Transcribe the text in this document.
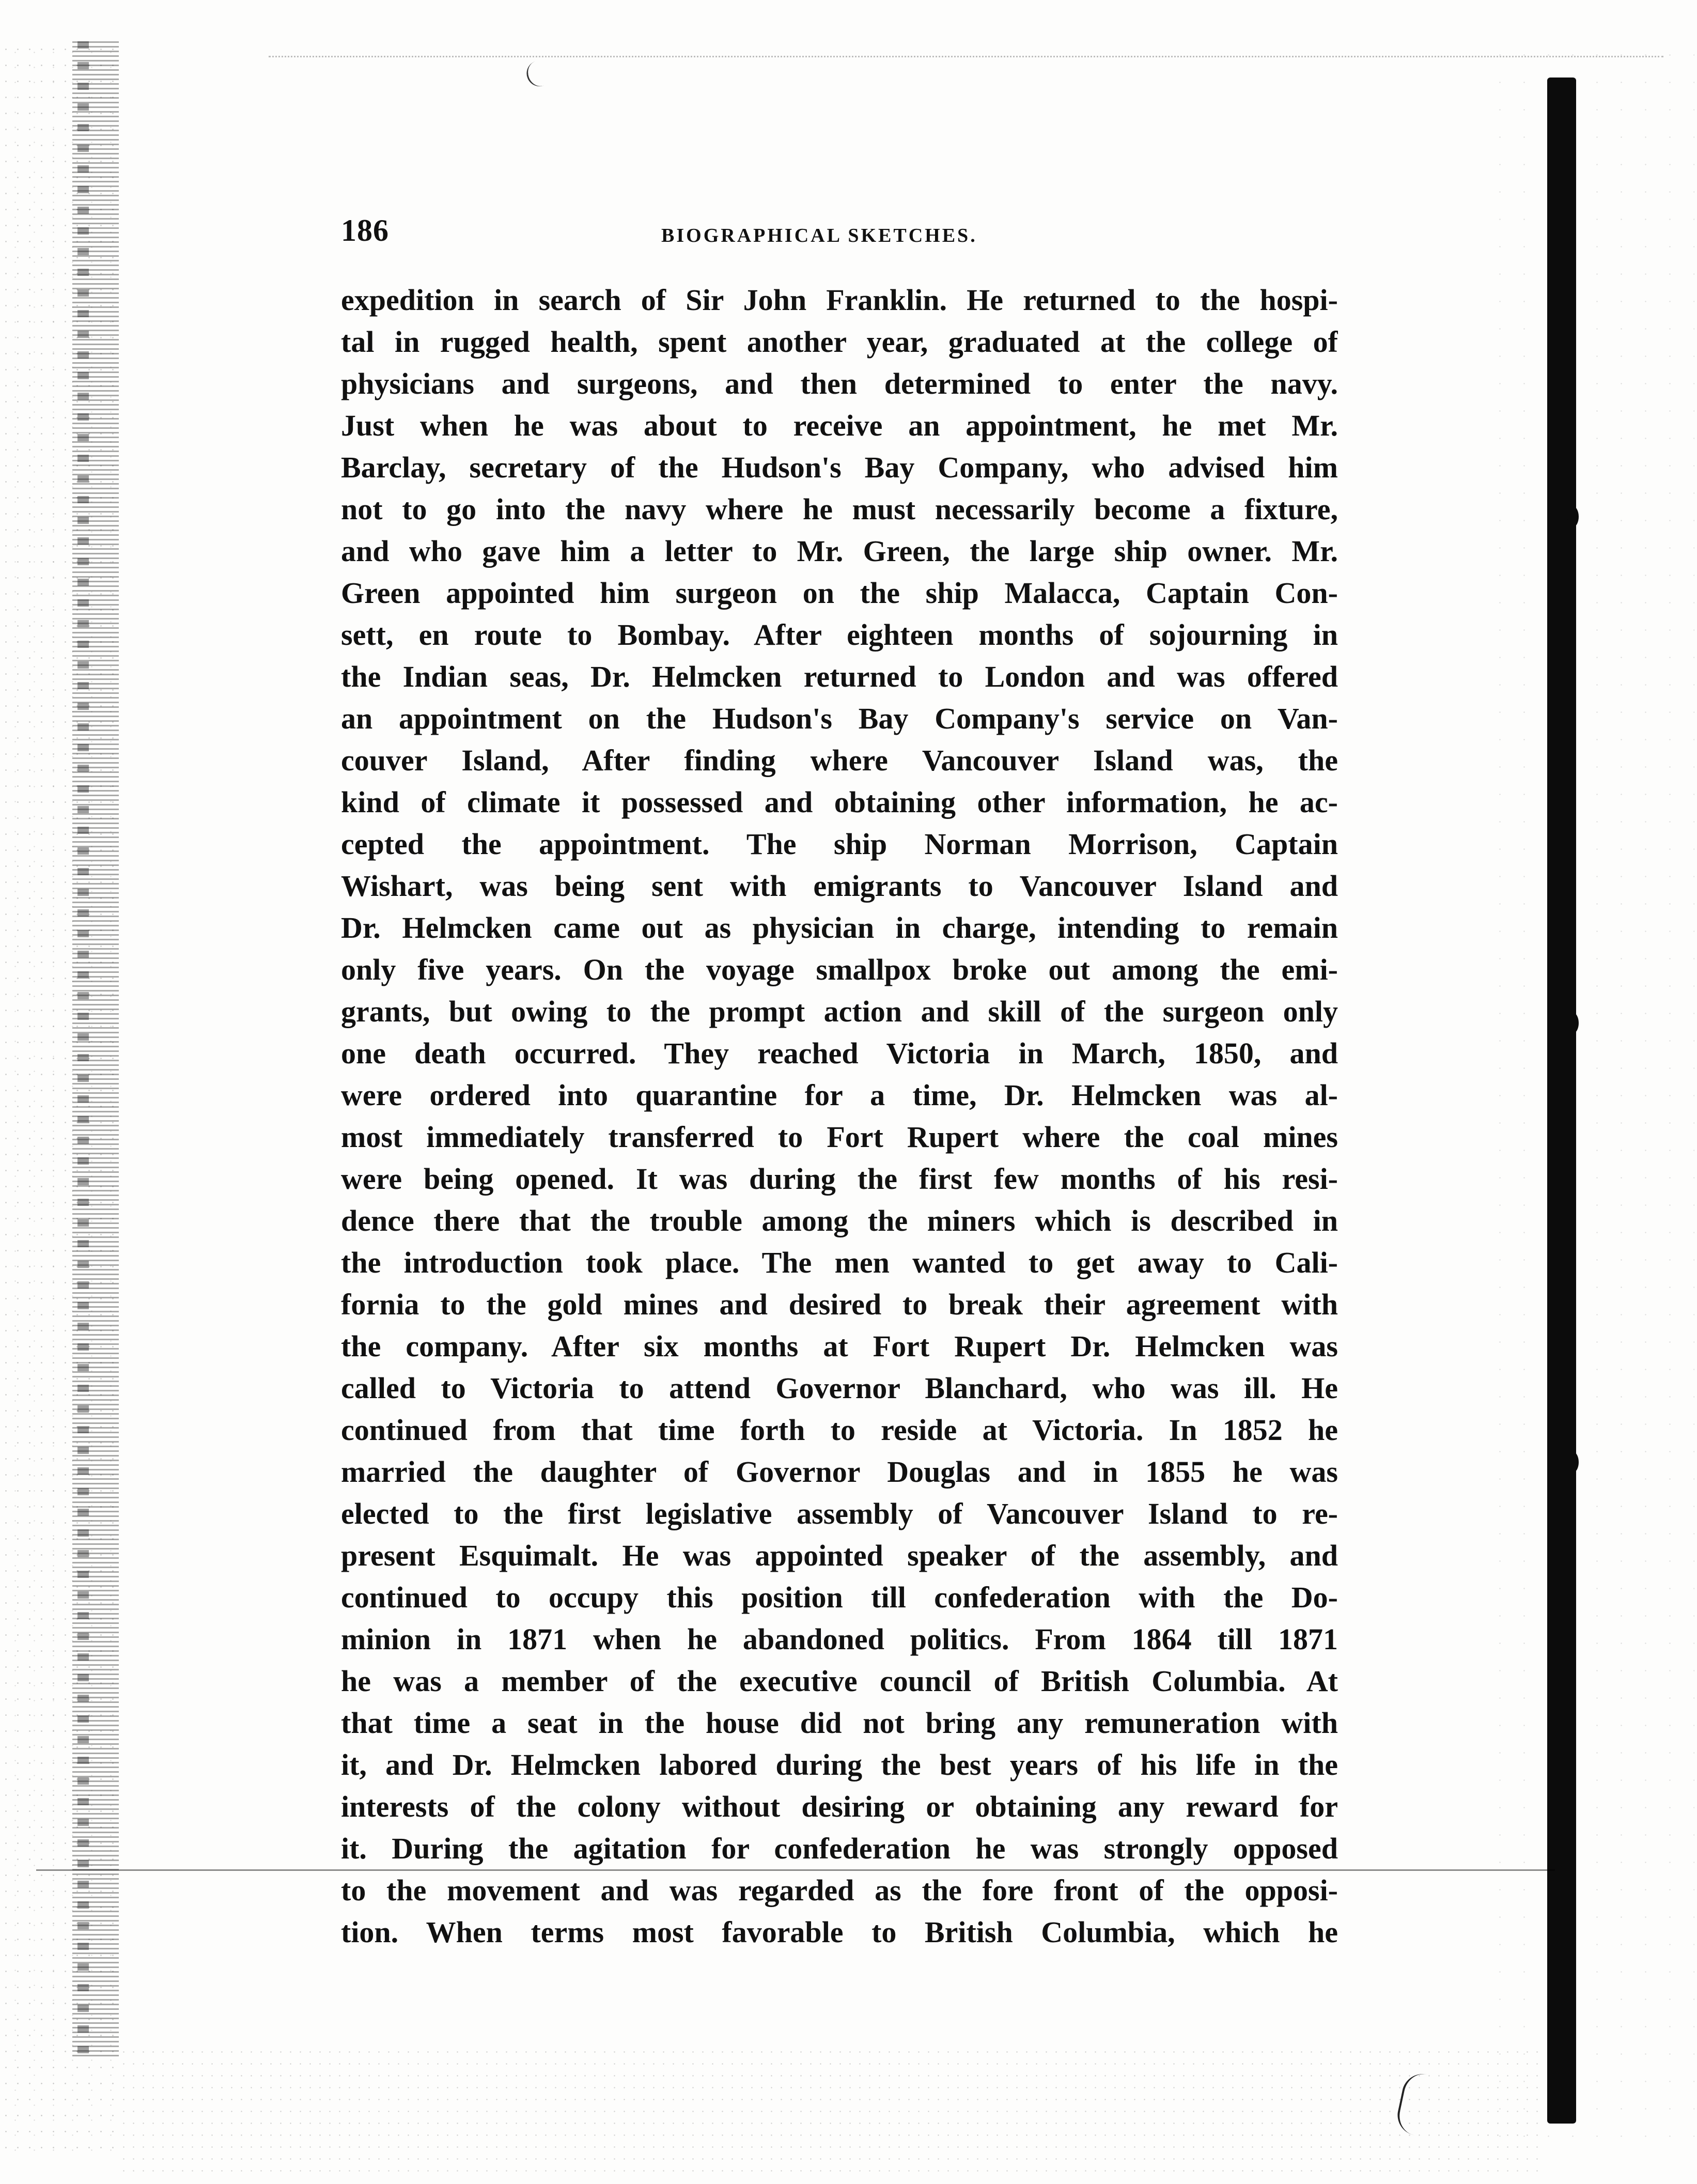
186	BIOGRAPHICAL SKETCHES.
expedition in search of Sir John Franklin. He returned to the hospi-
tal in rugged health, spent another year, graduated at the college of
physicians and surgeons, and then determined to enter the navy.
Just when he was about to receive an appointment, he met Mr.
Barclay, secretary of the Hudson's Bay Company, who advised him
not to go into the navy where he must necessarily become a fixture,
and who gave him a letter to Mr. Green, the large ship owner. Mr.
Green appointed him surgeon on the ship Malacca, Captain Con-
sett, en route to Bombay. After eighteen months of sojourning in
the Indian seas, Dr. Helmcken returned to London and was offered
an appointment on the Hudson's Bay Company's service on Van-
couver Island, After finding where Vancouver Island was, the
kind of climate it possessed and obtaining other information, he ac-
cepted the appointment. The ship Norman Morrison, Captain
Wishart, was being sent with emigrants to Vancouver Island and
Dr. Helmcken came out as physician in charge, intending to remain
only five years. On the voyage smallpox broke out among the emi-
grants, but owing to the prompt action and skill of the surgeon only
one death occurred. They reached Victoria in March, 1850, and
were ordered into quarantine for a time, Dr. Helmcken was al-
most immediately transferred to Fort Rupert where the coal mines
were being opened. It was during the first few months of his resi-
dence there that the trouble among the miners which is described in
the introduction took place. The men wanted to get away to Cali-
fornia to the gold mines and desired to break their agreement with
the company. After six months at Fort Rupert Dr. Helmcken was
called to Victoria to attend Governor Blanchard, who was ill. He
continued from that time forth to reside at Victoria. In 1852 he
married the daughter of Governor Douglas and in 1855 he was
elected to the first legislative assembly of Vancouver Island to re-
present Esquimalt. He was appointed speaker of the assembly, and
continued to occupy this position till confederation with the Do-
minion in 1871 when he abandoned politics. From 1864 till 1871
he was a member of the executive council of British Columbia. At
that time a seat in the house did not bring any remuneration with
it, and Dr. Helmcken labored during the best years of his life in the
interests of the colony without desiring or obtaining any reward for
it. During the agitation for confederation he was strongly opposed
to the movement and was regarded as the fore front of the opposi-
tion. When terms most favorable to British Columbia, which he
